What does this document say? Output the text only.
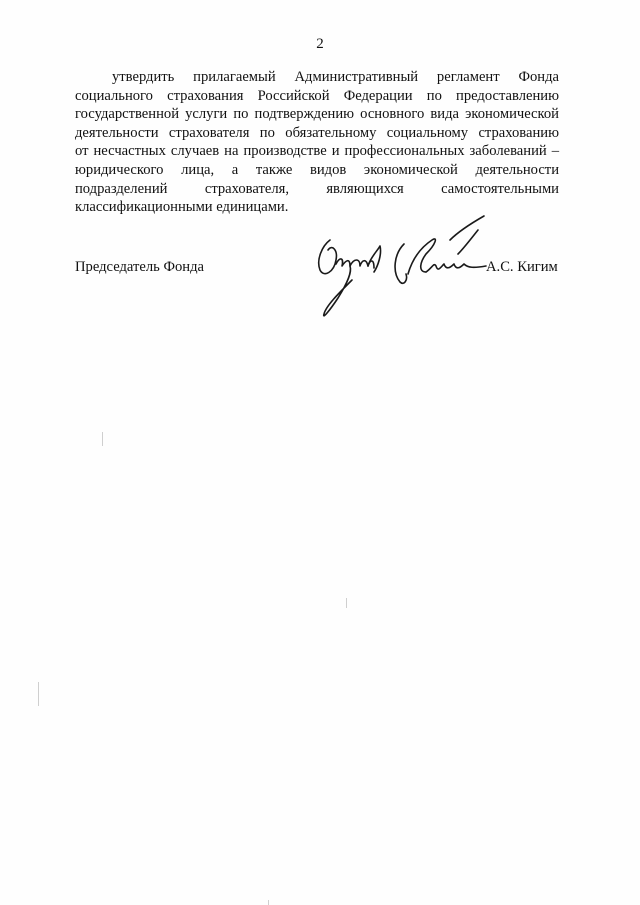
2
утвердить прилагаемый Административный регламент Фонда
социального страхования Российской Федерации по предоставлению
государственной услуги по подтверждению основного вида экономической
деятельности страхователя по обязательному социальному страхованию
от несчастных случаев на производстве и профессиональных заболеваний –
юридического лица, а также видов экономической деятельности
подразделений страхователя, являющихся самостоятельными
классификационными единицами.
Председатель Фонда	А.С. Кигим
